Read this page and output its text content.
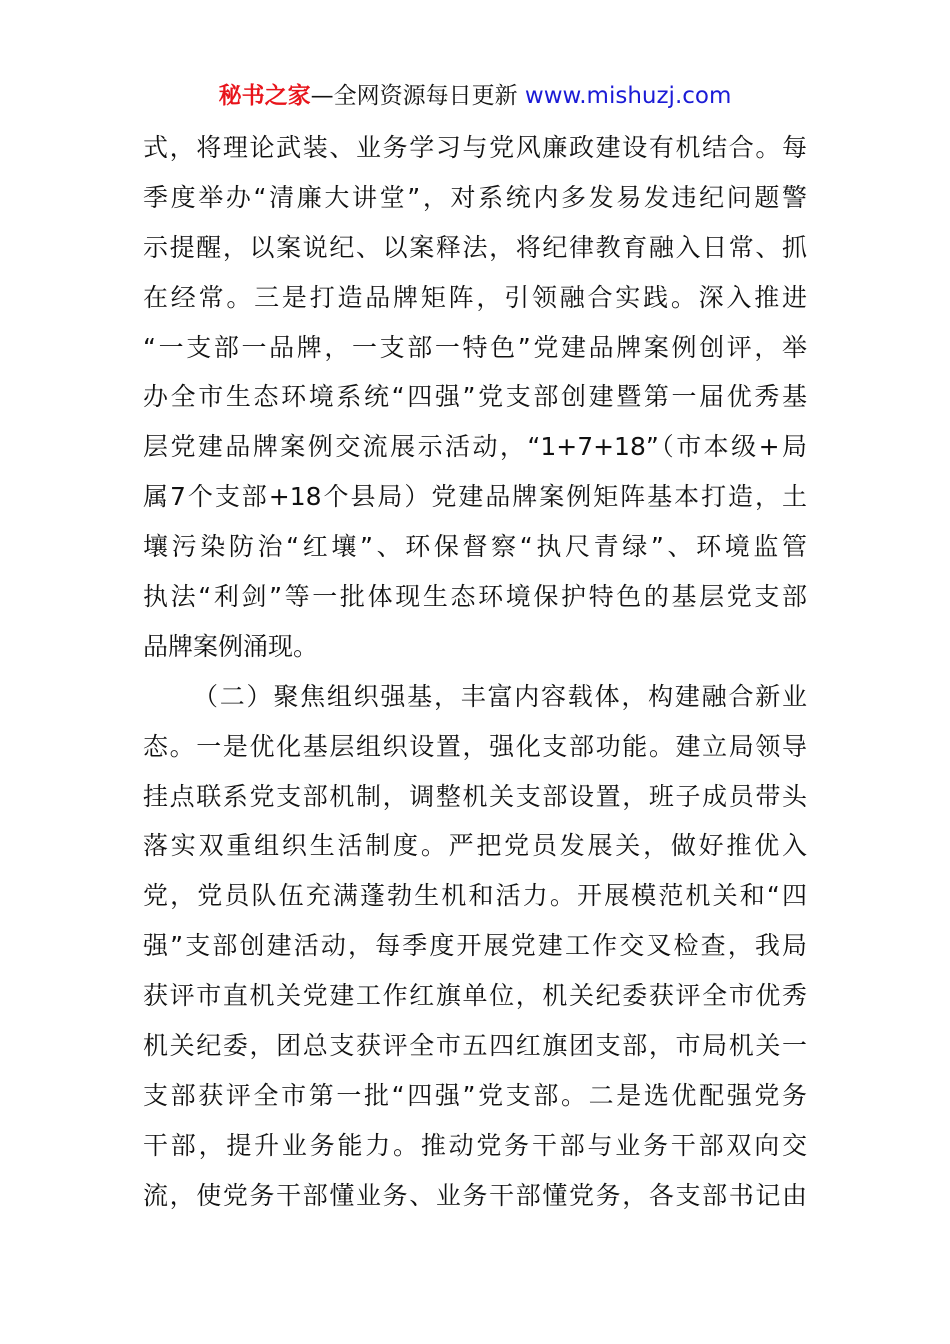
秘书之家—全网资源每日更新 www.mishuzj.com
式，将理论武装、业务学习与党风廉政建设有机结合。每
季度举办“清廉大讲堂”，对系统内多发易发违纪问题警
示提醒，以案说纪、以案释法，将纪律教育融入日常、抓
在经常。三是打造品牌矩阵，引领融合实践。深入推进
“一支部一品牌，一支部一特色”党建品牌案例创评，举
办全市生态环境系统“四强”党支部创建暨第一届优秀基
层党建品牌案例交流展示活动，“1+7+18”（市本级+局
属7个支部+18个县局）党建品牌案例矩阵基本打造，土
壤污染防治“红壤”、环保督察“执尺青绿”、环境监管
执法“利剑”等一批体现生态环境保护特色的基层党支部
品牌案例涌现。
（二）聚焦组织强基，丰富内容载体，构建融合新业
态。一是优化基层组织设置，强化支部功能。建立局领导
挂点联系党支部机制，调整机关支部设置，班子成员带头
落实双重组织生活制度。严把党员发展关，做好推优入
党，党员队伍充满蓬勃生机和活力。开展模范机关和“四
强”支部创建活动，每季度开展党建工作交叉检查，我局
获评市直机关党建工作红旗单位，机关纪委获评全市优秀
机关纪委，团总支获评全市五四红旗团支部，市局机关一
支部获评全市第一批“四强”党支部。二是选优配强党务
干部，提升业务能力。推动党务干部与业务干部双向交
流，使党务干部懂业务、业务干部懂党务，各支部书记由
